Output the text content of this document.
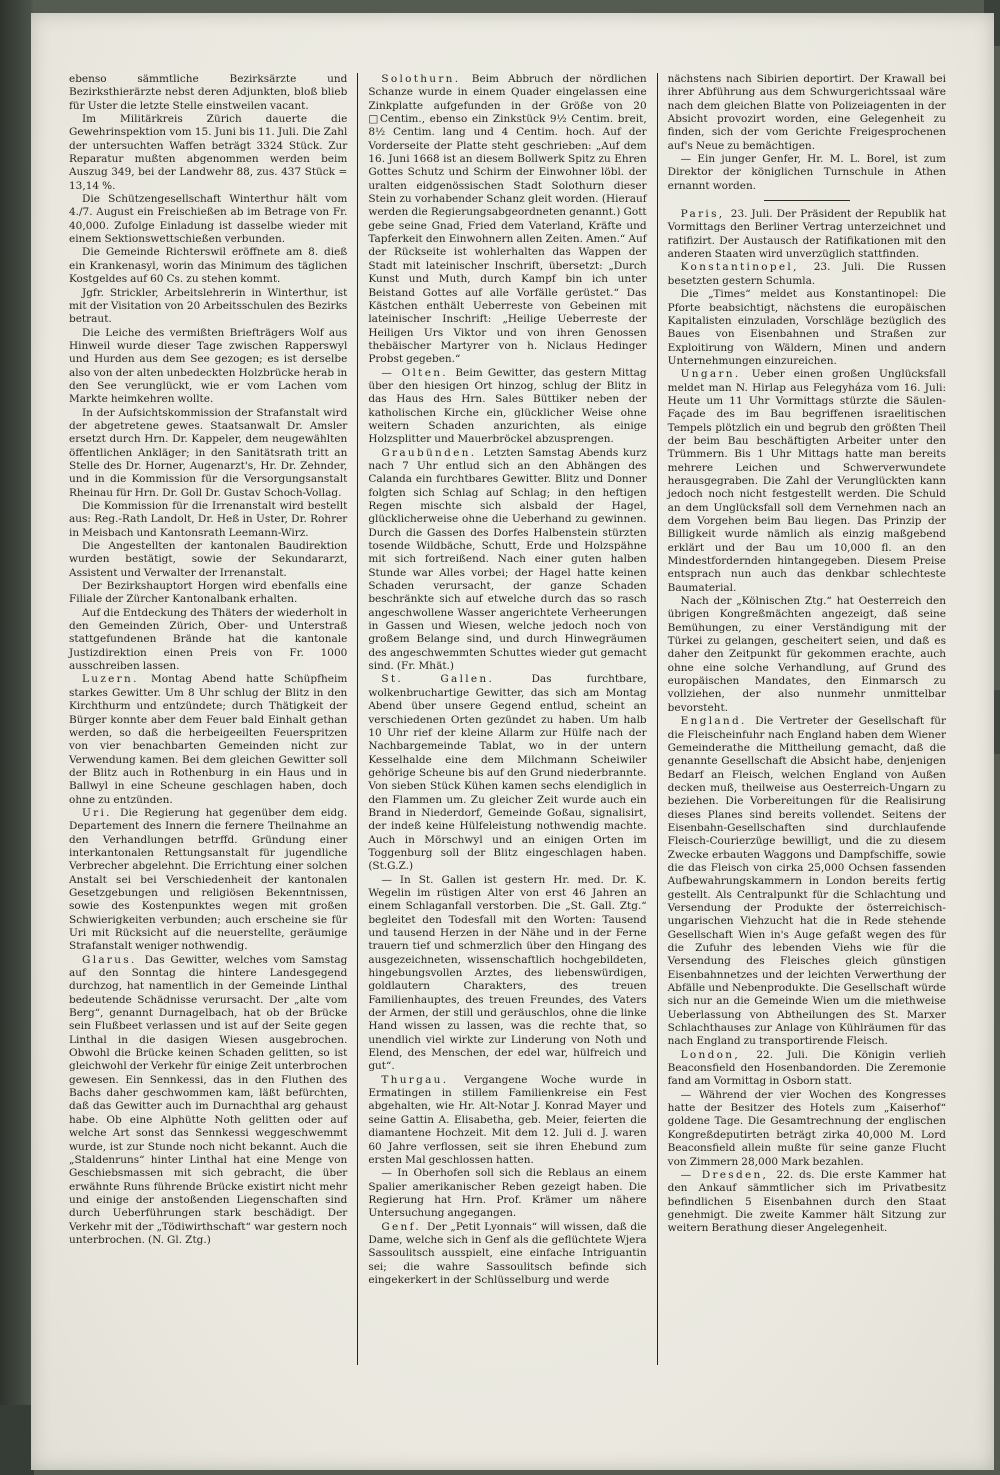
ebenso sämmtliche Bezirksärzte und Bezirksthierärzte nebst deren Adjunkten, bloß blieb für Uster die letzte Stelle einstweilen vacant.

Im Militärkreis Zürich dauerte die Gewehrinspektion vom 15. Juni bis 11. Juli. Die Zahl der untersuchten Waffen beträgt 3324 Stück. Zur Reparatur mußten abgenommen werden beim Auszug 349, bei der Landwehr 88, zus. 437 Stück = 13,14 %.

Die Schützengesellschaft Winterthur hält vom 4./7. August ein Freischießen ab im Betrage von Fr. 40,000. Zufolge Einladung ist dasselbe wieder mit einem Sektionswettschießen verbunden.

Die Gemeinde Richterswil eröffnete am 8. dieß ein Krankenasyl, worin das Minimum des täglichen Kostgeldes auf 60 Cs. zu stehen kommt.

Jgfr. Strickler, Arbeitslehrerin in Winterthur, ist mit der Visitation von 20 Arbeitsschulen des Bezirks betraut.

Die Leiche des vermißten Briefträgers Wolf aus Hinweil wurde dieser Tage zwischen Rapperswyl und Hurden aus dem See gezogen; es ist derselbe also von der alten unbedeckten Holzbrücke herab in den See verunglückt, wie er vom Lachen vom Markte heimkehren wollte.

In der Aufsichtskommission der Strafanstalt wird der abgetretene gewes. Staatsanwalt Dr. Amsler ersetzt durch Hrn. Dr. Kappeler, dem neugewählten öffentlichen Ankläger; in den Sanitätsrath tritt an Stelle des Dr. Horner, Augenarzt's, Hr. Dr. Zehnder, und in die Kommission für die Versorgungsanstalt Rheinau für Hrn. Dr. Goll Dr. Gustav Schoch-Vollag.

Die Kommission für die Irrenanstalt wird bestellt aus: Reg.-Rath Landolt, Dr. Heß in Uster, Dr. Rohrer in Meisbach und Kantonsrath Leemann-Wirz.

Die Angestellten der kantonalen Baudirektion wurden bestätigt, sowie der Sekundararzt, Assistent und Verwalter der Irrenanstalt.

Der Bezirkshauptort Horgen wird ebenfalls eine Filiale der Zürcher Kantonalbank erhalten.

Auf die Entdeckung des Thäters der wiederholt in den Gemeinden Zürich, Ober- und Unterstraß stattgefundenen Brände hat die kantonale Justizdirektion einen Preis von Fr. 1000 ausschreiben lassen.

Luzern. Montag Abend hatte Schüpfheim starkes Gewitter. Um 8 Uhr schlug der Blitz in den Kirchthurm und entzündete; durch Thätigkeit der Bürger konnte aber dem Feuer bald Einhalt gethan werden, so daß die herbeigeeilten Feuerspritzen von vier benachbarten Gemeinden nicht zur Verwendung kamen. Bei dem gleichen Gewitter soll der Blitz auch in Rothenburg in ein Haus und in Ballwyl in eine Scheune geschlagen haben, doch ohne zu entzünden.

Uri. Die Regierung hat gegenüber dem eidg. Departement des Innern die fernere Theilnahme an den Verhandlungen betrffd. Gründung einer interkantonalen Rettungsanstalt für jugendliche Verbrecher abgelehnt. Die Errichtung einer solchen Anstalt sei bei Verschiedenheit der kantonalen Gesetzgebungen und religiösen Bekenntnissen, sowie des Kostenpunktes wegen mit großen Schwierigkeiten verbunden; auch erscheine sie für Uri mit Rücksicht auf die neuerstellte, geräumige Strafanstalt weniger nothwendig.

Glarus. Das Gewitter, welches vom Samstag auf den Sonntag die hintere Landesgegend durchzog, hat namentlich in der Gemeinde Linthal bedeutende Schädnisse verursacht. Der „alte vom Berg“, genannt Durnagelbach, hat ob der Brücke sein Flußbeet verlassen und ist auf der Seite gegen Linthal in die dasigen Wiesen ausgebrochen. Obwohl die Brücke keinen Schaden gelitten, so ist gleichwohl der Verkehr für einige Zeit unterbrochen gewesen. Ein Sennkessi, das in den Fluthen des Bachs daher geschwommen kam, läßt befürchten, daß das Gewitter auch im Durnachthal arg gehaust habe. Ob eine Alphütte Noth gelitten oder auf welche Art sonst das Sennkessi weggeschwemmt wurde, ist zur Stunde noch nicht bekannt. Auch die „Staldenruns“ hinter Linthal hat eine Menge von Geschiebsmassen mit sich gebracht, die über erwähnte Runs führende Brücke existirt nicht mehr und einige der anstoßenden Liegenschaften sind durch Ueberführungen stark beschädigt. Der Verkehr mit der „Tödiwirthschaft“ war gestern noch unterbrochen. (N. Gl. Ztg.)

Solothurn. Beim Abbruch der nördlichen Schanze wurde in einem Quader eingelassen eine Zinkplatte aufgefunden in der Größe von 20 □Centim., ebenso ein Zinkstück 9½ Centim. breit, 8½ Centim. lang und 4 Centim. hoch. Auf der Vorderseite der Platte steht geschrieben: „Auf dem 16. Juni 1668 ist an diesem Bollwerk Spitz zu Ehren Gottes Schutz und Schirm der Einwohner löbl. der uralten eidgenössischen Stadt Solothurn dieser Stein zu vorhabender Schanz gleit worden. (Hierauf werden die Regierungsabgeordneten genannt.) Gott gebe seine Gnad, Fried dem Vaterland, Kräfte und Tapferkeit den Einwohnern allen Zeiten. Amen.“ Auf der Rückseite ist wohlerhalten das Wappen der Stadt mit lateinischer Inschrift, übersetzt: „Durch Kunst und Muth, durch Kampf bin ich unter Beistand Gottes auf alle Vorfälle gerüstet.“ Das Kästchen enthält Ueberreste von Gebeinen mit lateinischer Inschrift: „Heilige Ueberreste der Heiligen Urs Viktor und von ihren Genossen thebäischer Martyrer von h. Niclaus Hedinger Probst gegeben.“

— Olten. Beim Gewitter, das gestern Mittag über den hiesigen Ort hinzog, schlug der Blitz in das Haus des Hrn. Sales Büttiker neben der katholischen Kirche ein, glücklicher Weise ohne weitern Schaden anzurichten, als einige Holzsplitter und Mauerbröckel abzusprengen.

Graubünden. Letzten Samstag Abends kurz nach 7 Uhr entlud sich an den Abhängen des Calanda ein furchtbares Gewitter. Blitz und Donner folgten sich Schlag auf Schlag; in den heftigen Regen mischte sich alsbald der Hagel, glücklicherweise ohne die Ueberhand zu gewinnen. Durch die Gassen des Dorfes Halbenstein stürzten tosende Wildbäche, Schutt, Erde und Holzspähne mit sich fortreißend. Nach einer guten halben Stunde war Alles vorbei; der Hagel hatte keinen Schaden verursacht, der ganze Schaden beschränkte sich auf etwelche durch das so rasch angeschwollene Wasser angerichtete Verheerungen in Gassen und Wiesen, welche jedoch noch von großem Belange sind, und durch Hinwegräumen des angeschwemmten Schuttes wieder gut gemacht sind. (Fr. Mhät.)

St. Gallen. Das furchtbare, wolkenbruchartige Gewitter, das sich am Montag Abend über unsere Gegend entlud, scheint an verschiedenen Orten gezündet zu haben. Um halb 10 Uhr rief der kleine Allarm zur Hülfe nach der Nachbargemeinde Tablat, wo in der untern Kesselhalde eine dem Milchmann Scheiwiler gehörige Scheune bis auf den Grund niederbrannte. Von sieben Stück Kühen kamen sechs elendiglich in den Flammen um. Zu gleicher Zeit wurde auch ein Brand in Niederdorf, Gemeinde Goßau, signalisirt, der indeß keine Hülfeleistung nothwendig machte. Auch in Mörschwyl und an einigen Orten im Toggenburg soll der Blitz eingeschlagen haben. (St.G.Z.)

— In St. Gallen ist gestern Hr. med. Dr. K. Wegelin im rüstigen Alter von erst 46 Jahren an einem Schlaganfall verstorben. Die „St. Gall. Ztg.“ begleitet den Todesfall mit den Worten: Tausend und tausend Herzen in der Nähe und in der Ferne trauern tief und schmerzlich über den Hingang des ausgezeichneten, wissenschaftlich hochgebildeten, hingebungsvollen Arztes, des liebenswürdigen, goldlautern Charakters, des treuen Familienhauptes, des treuen Freundes, des Vaters der Armen, der still und geräuschlos, ohne die linke Hand wissen zu lassen, was die rechte that, so unendlich viel wirkte zur Linderung von Noth und Elend, des Menschen, der edel war, hülfreich und gut“.

Thurgau. Vergangene Woche wurde in Ermatingen in stillem Familienkreise ein Fest abgehalten, wie Hr. Alt-Notar J. Konrad Mayer und seine Gattin A. Elisabetha, geb. Meier, feierten die diamantene Hochzeit. Mit dem 12. Juli d. J. waren 60 Jahre verflossen, seit sie ihren Ehebund zum ersten Mal geschlossen hatten.

— In Oberhofen soll sich die Reblaus an einem Spalier amerikanischer Reben gezeigt haben. Die Regierung hat Hrn. Prof. Krämer um nähere Untersuchung angegangen.

Genf. Der „Petit Lyonnais“ will wissen, daß die Dame, welche sich in Genf als die geflüchtete Wjera Sassoulitsch ausspielt, eine einfache Intriguantin sei; die wahre Sassoulitsch befinde sich eingekerkert in der Schlüsselburg und werde

nächstens nach Sibirien deportirt. Der Krawall bei ihrer Abführung aus dem Schwurgerichtssaal wäre nach dem gleichen Blatte von Polizeiagenten in der Absicht provozirt worden, eine Gelegenheit zu finden, sich der vom Gerichte Freigesprochenen auf's Neue zu bemächtigen.

— Ein junger Genfer, Hr. M. L. Borel, ist zum Direktor der königlichen Turnschule in Athen ernannt worden.

Paris, 23. Juli. Der Präsident der Republik hat Vormittags den Berliner Vertrag unterzeichnet und ratifizirt. Der Austausch der Ratifikationen mit den anderen Staaten wird unverzüglich stattfinden.

Konstantinopel, 23. Juli. Die Russen besetzten gestern Schumla.

Die „Times“ meldet aus Konstantinopel: Die Pforte beabsichtigt, nächstens die europäischen Kapitalisten einzuladen, Vorschläge bezüglich des Baues von Eisenbahnen und Straßen zur Exploitirung von Wäldern, Minen und andern Unternehmungen einzureichen.

Ungarn. Ueber einen großen Unglücksfall meldet man N. Hirlap aus Felegyháza vom 16. Juli: Heute um 11 Uhr Vormittags stürzte die Säulen-Façade des im Bau begriffenen israelitischen Tempels plötzlich ein und begrub den größten Theil der beim Bau beschäftigten Arbeiter unter den Trümmern. Bis 1 Uhr Mittags hatte man bereits mehrere Leichen und Schwerverwundete herausgegraben. Die Zahl der Verunglückten kann jedoch noch nicht festgestellt werden. Die Schuld an dem Unglücksfall soll dem Vernehmen nach an dem Vorgehen beim Bau liegen. Das Prinzip der Billigkeit wurde nämlich als einzig maßgebend erklärt und der Bau um 10,000 fl. an den Mindestfordernden hintangegeben. Diesem Preise entsprach nun auch das denkbar schlechteste Baumaterial.

Nach der „Kölnischen Ztg.“ hat Oesterreich den übrigen Kongreßmächten angezeigt, daß seine Bemühungen, zu einer Verständigung mit der Türkei zu gelangen, gescheitert seien, und daß es daher den Zeitpunkt für gekommen erachte, auch ohne eine solche Verhandlung, auf Grund des europäischen Mandates, den Einmarsch zu vollziehen, der also nunmehr unmittelbar bevorsteht.

England. Die Vertreter der Gesellschaft für die Fleischeinfuhr nach England haben dem Wiener Gemeinderathe die Mittheilung gemacht, daß die genannte Gesellschaft die Absicht habe, denjenigen Bedarf an Fleisch, welchen England von Außen decken muß, theilweise aus Oesterreich-Ungarn zu beziehen. Die Vorbereitungen für die Realisirung dieses Planes sind bereits vollendet. Seitens der Eisenbahn-Gesellschaften sind durchlaufende Fleisch-Courierzüge bewilligt, und die zu diesem Zwecke erbauten Waggons und Dampfschiffe, sowie die das Fleisch von cirka 25,000 Ochsen fassenden Aufbewahrungskammern in London bereits fertig gestellt. Als Centralpunkt für die Schlachtung und Versendung der Produkte der österreichisch-ungarischen Viehzucht hat die in Rede stehende Gesellschaft Wien in's Auge gefaßt wegen des für die Zufuhr des lebenden Viehs wie für die Versendung des Fleisches gleich günstigen Eisenbahnnetzes und der leichten Verwerthung der Abfälle und Nebenprodukte. Die Gesellschaft würde sich nur an die Gemeinde Wien um die miethweise Ueberlassung von Abtheilungen des St. Marxer Schlachthauses zur Anlage von Kühlräumen für das nach England zu transportirende Fleisch.

London, 22. Juli. Die Königin verlieh Beaconsfield den Hosenbandorden. Die Zeremonie fand am Vormittag in Osborn statt.

— Während der vier Wochen des Kongresses hatte der Besitzer des Hotels zum „Kaiserhof“ goldene Tage. Die Gesamtrechnung der englischen Kongreßdeputirten beträgt zirka 40,000 M. Lord Beaconsfield allein mußte für seine ganze Flucht von Zimmern 28,000 Mark bezahlen.

— Dresden, 22. ds. Die erste Kammer hat den Ankauf sämmtlicher sich im Privatbesitz befindlichen 5 Eisenbahnen durch den Staat genehmigt. Die zweite Kammer hält Sitzung zur weitern Berathung dieser Angelegenheit.
